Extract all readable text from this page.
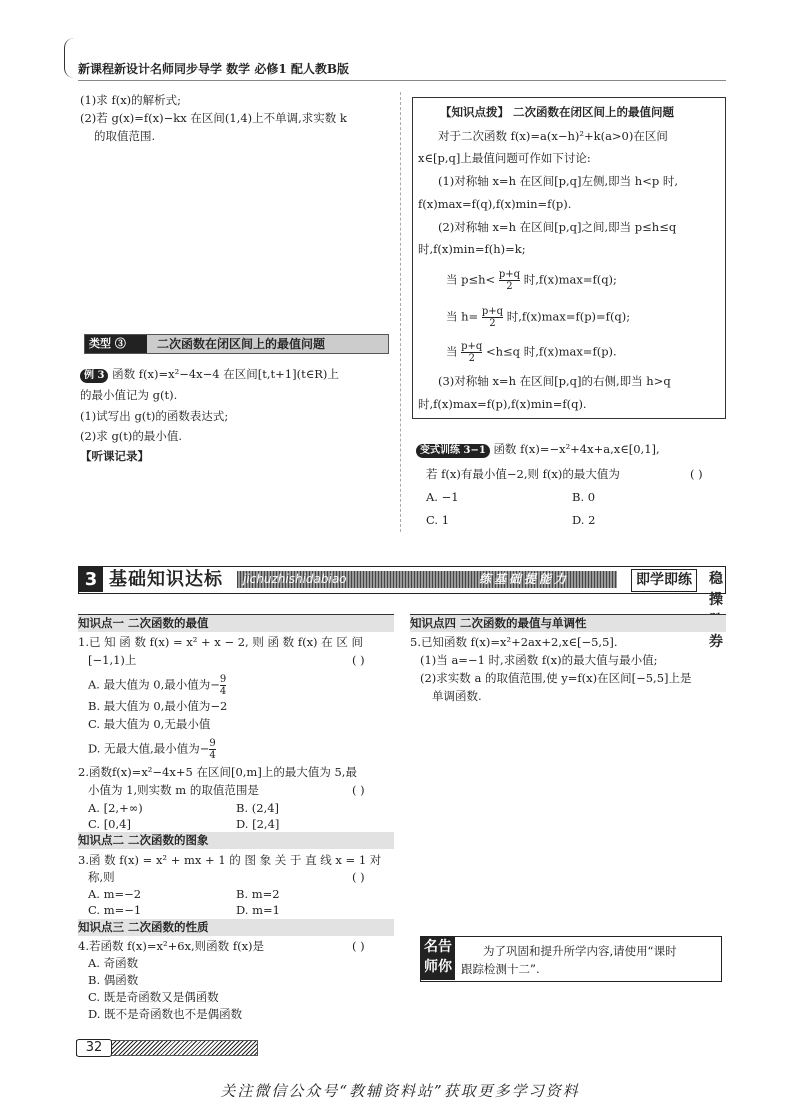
新课程新设计名师同步导学 数学 必修1 配人教B版
(1)求 f(x)的解析式;
(2)若 g(x)=f(x)−kx 在区间(1,4)上不单调,求实数 k
的取值范围.
【知识点拨】 二次函数在闭区间上的最值问题
对于二次函数 f(x)=a(x−h)²+k(a>0)在区间
x∈[p,q]上最值问题可作如下讨论:
(1)对称轴 x=h 在区间[p,q]左侧,即当 h<p 时,
f(x)max=f(q),f(x)min=f(p).
(2)对称轴 x=h 在区间[p,q]之间,即当 p≤h≤q
时,f(x)min=f(h)=k;
当 $p\le h< \frac{p+q}{2}$ 时,f(x)max=f(q);
当 $h= \frac{p+q}{2}$ 时,f(x)max=f(p)=f(q);
当 $\frac{p+q}{2} <h\le q$ 时,f(x)max=f(p).
(3)对称轴 x=h 在区间[p,q]的右侧,即当 h>q
时,f(x)max=f(p),f(x)min=f(q).
类型 ③	二次函数在闭区间上的最值问题
例 3 函数 f(x)=x²−4x−4 在区间[t,t+1](t∈R)上
的最小值记为 g(t).
(1)试写出 g(t)的函数表达式;
(2)求 g(t)的最小值.
【听课记录】	变式训练 3−1 函数 f(x)=−x²+4x+a,x∈[0,1],
若 f(x)有最小值−2,则 f(x)的最大值为	( )
A. −1	B. 0
C. 1	D. 2
3 基础知识达标 jichuzhishidabiao	练基础提能力	即学即练	稳操 券
知识点一 二次函数的最值
1.已 知 函 数 f(x) = x² + x − 2, 则 函 数 f(x) 在 区 间
[−1,1)上	( )
A. 最大值为 0,最小值为− $\frac{9}{4}$
B. 最大值为 0,最小值为−2
C. 最大值为 0,无最小值
D. 无最大值,最小值为− $\frac{9}{4}$
2.函数f(x)=x²−4x+5 在区间[0,m]上的最大值为 5,最
小值为 1,则实数 m 的取值范围是	( )
A. [2,+∞)	B. (2,4]
C. [0,4]	D. [2,4]
知识点二 二次函数的图象
3.函 数 f(x) = x² + mx + 1 的 图 象 关 于 直 线 x = 1 对
称,则	( )
A. m=−2	B. m=2
C. m=−1	D. m=1
知识点三 二次函数的性质
4.若函数 f(x)=x²+6x,则函数 f(x)是	( )
A. 奇函数
B. 偶函数
C. 既是奇函数又是偶函数
D. 既不是奇函数也不是偶函数
知识点四 二次函数的最值与单调性
5.已知函数 f(x)=x²+2ax+2,x∈[−5,5].
(1)当 a=−1 时,求函数 f(x)的最大值与最小值;
(2)求实数 a 的取值范围,使 y=f(x)在区间[−5,5]上是
单调函数.
名告
师你
为了巩固和提升所学内容,请使用“课时
跟踪检测十二”.
32
关注微信公众号“教辅资料站”获取更多学习资料
